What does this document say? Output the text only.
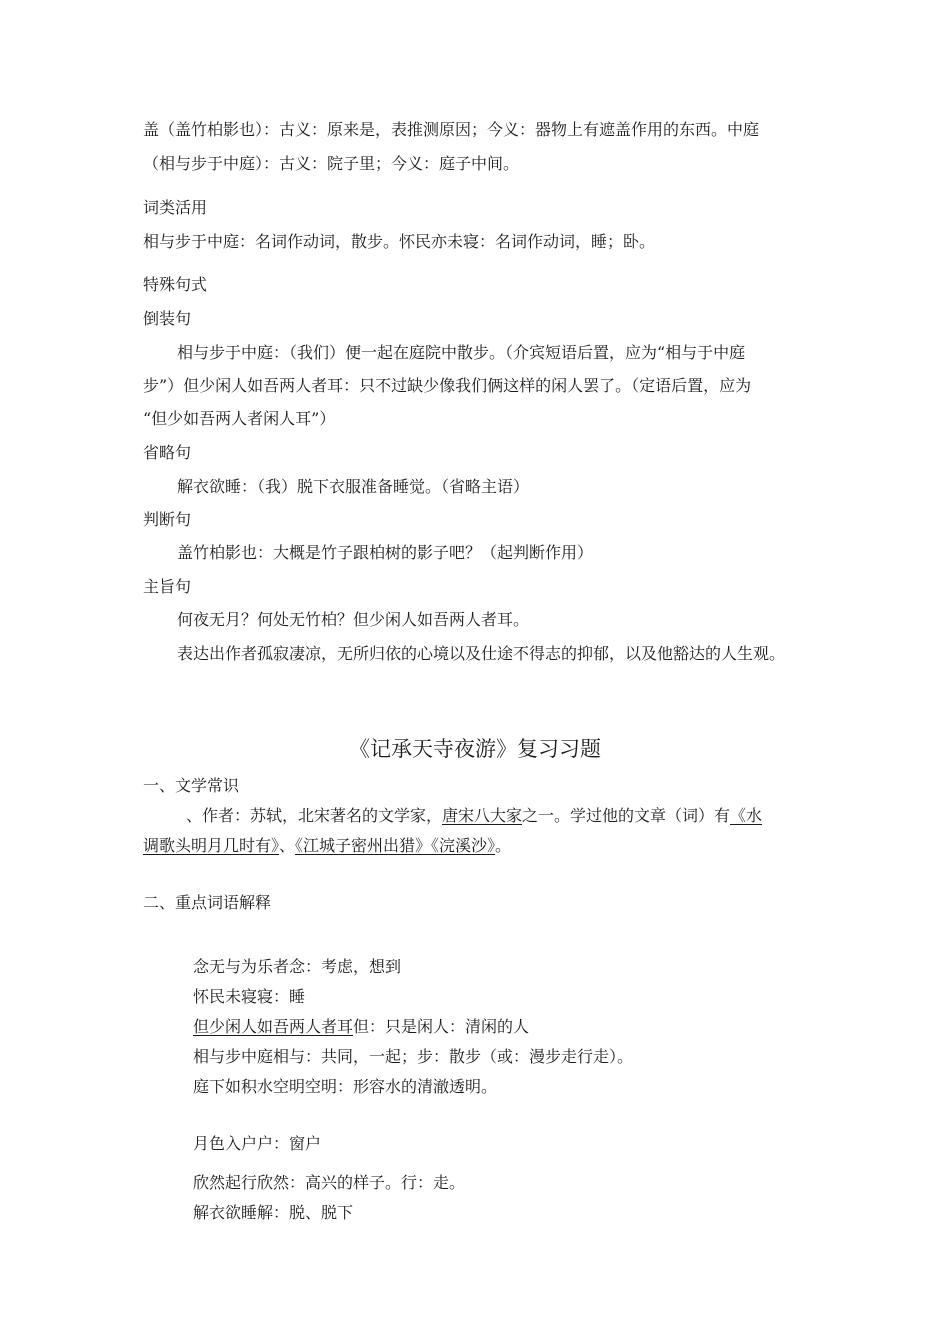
盖（盖竹柏影也）：古义：原来是，表推测原因；今义：器物上有遮盖作用的东西。中庭
（相与步于中庭）：古义：院子里；今义：庭子中间。
词类活用
相与步于中庭：名词作动词，散步。怀民亦未寝：名词作动词，睡；卧。
特殊句式
倒装句
相与步于中庭：（我们）便一起在庭院中散步。（介宾短语后置，应为“相与于中庭
步”）但少闲人如吾两人者耳：只不过缺少像我们俩这样的闲人罢了。（定语后置，应为
“但少如吾两人者闲人耳”）
省略句
解衣欲睡：（我）脱下衣服准备睡觉。（省略主语）
判断句
盖竹柏影也：大概是竹子跟柏树的影子吧？（起判断作用）
主旨句
何夜无月？何处无竹柏？但少闲人如吾两人者耳。
表达出作者孤寂凄凉，无所归依的心境以及仕途不得志的抑郁，以及他豁达的人生观。
《记承天寺夜游》复习习题
一、文学常识
、作者：苏轼，北宋著名的文学家，唐宋八大家之一。学过他的文章（词）有《水
调歌头明月几时有》、《江城子密州出猎》《浣溪沙》。
二、重点词语解释
念无与为乐者念：考虑，想到
怀民未寝寝：睡
但少闲人如吾两人者耳但：只是闲人：清闲的人
相与步中庭相与：共同，一起；步：散步（或：漫步走行走）。
庭下如积水空明空明：形容水的清澈透明。
月色入户户：窗户
欣然起行欣然：高兴的样子。行：走。
解衣欲睡解：脱、脱下
